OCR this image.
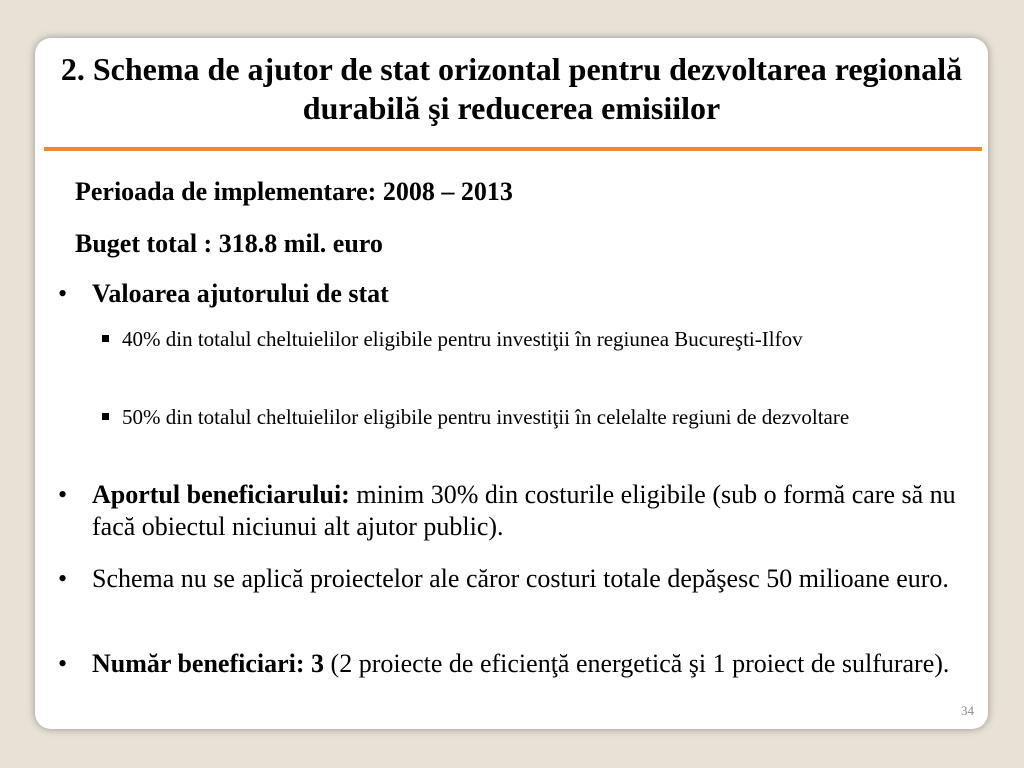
2. Schema de ajutor de stat orizontal pentru dezvoltarea regională durabilă şi reducerea emisiilor
Perioada de implementare: 2008 – 2013
Buget total : 318.8 mil. euro
• Valoarea ajutorului de stat
40% din totalul cheltuielilor eligibile pentru investiţii în regiunea Bucureşti-Ilfov
50% din totalul cheltuielilor eligibile pentru investiţii în celelalte regiuni de dezvoltare
• Aportul beneficiarului: minim 30% din costurile eligibile (sub o formă care să nu facă obiectul niciunui alt ajutor public).
• Schema nu se aplică proiectelor ale căror costuri totale depăşesc 50 milioane euro.
• Număr beneficiari: 3 (2 proiecte de eficienţă energetică şi 1 proiect de sulfurare).
34
